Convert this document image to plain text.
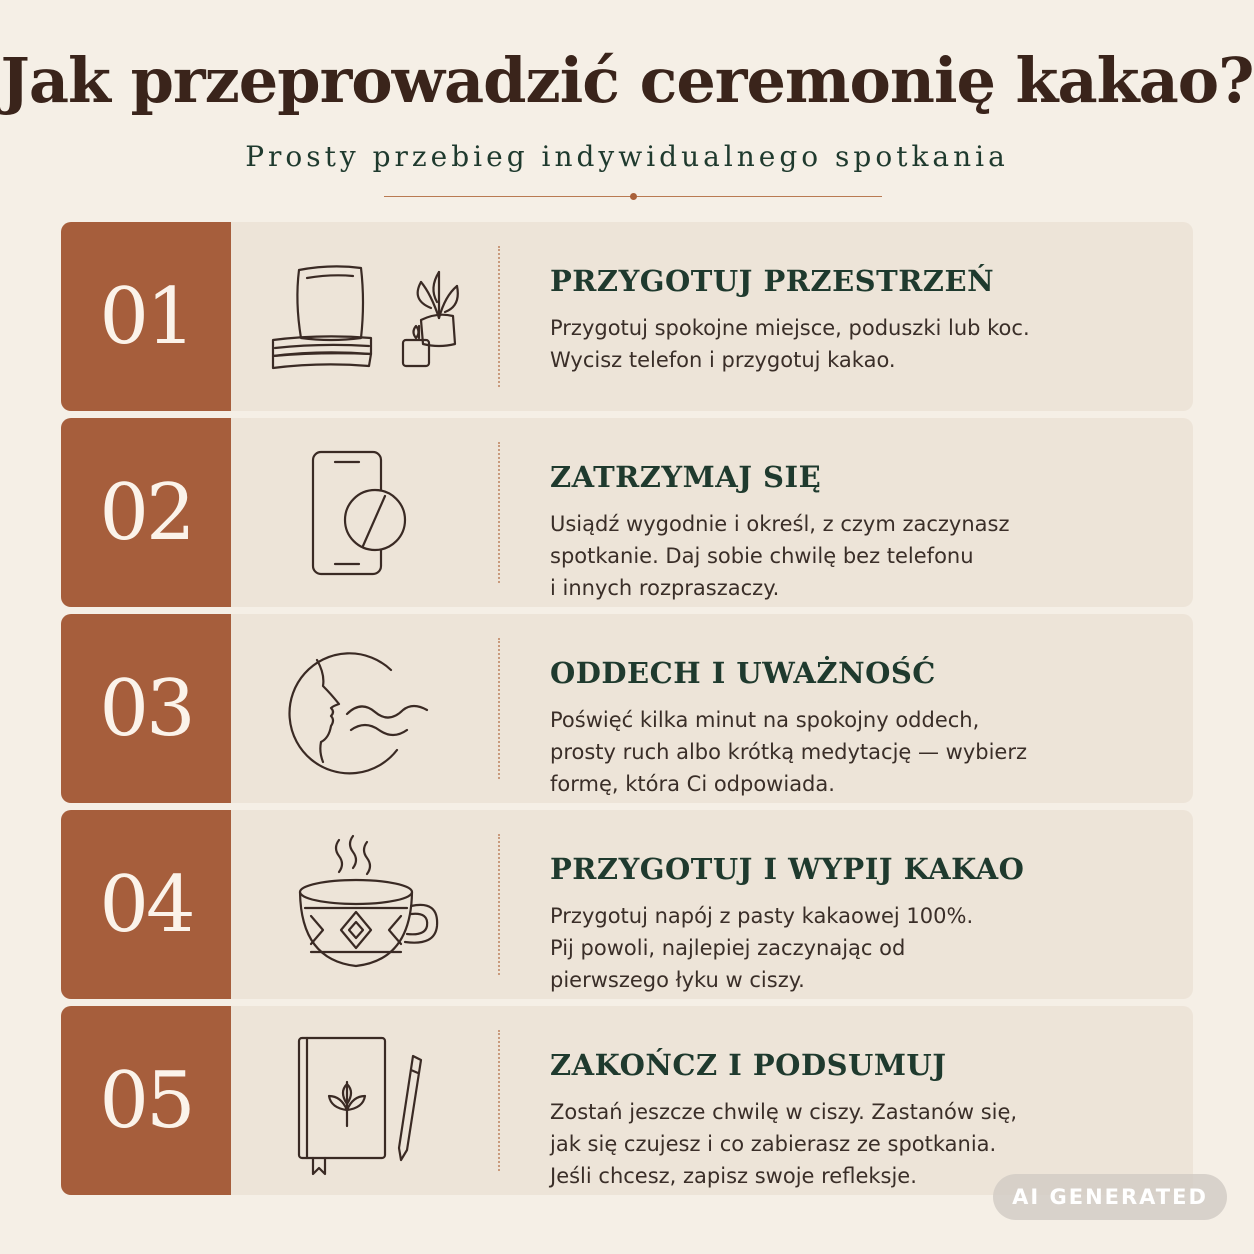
Jak przeprowadzić ceremonię kakao?
Prosty przebieg indywidualnego spotkania
01	PRZYGOTUJ PRZESTRZEŃ
Przygotuj spokojne miejsce, poduszki lub koc.
Wycisz telefon i przygotuj kakao.
02	ZATRZYMAJ SIĘ
Usiądź wygodnie i określ, z czym zaczynasz
spotkanie. Daj sobie chwilę bez telefonu
i innych rozpraszaczy.
03	ODDECH I UWAŻNOŚĆ
Poświęć kilka minut na spokojny oddech,
prosty ruch albo krótką medytację — wybierz
formę, która Ci odpowiada.
04	PRZYGOTUJ I WYPIJ KAKAO
Przygotuj napój z pasty kakaowej 100%.
Pij powoli, najlepiej zaczynając od
pierwszego łyku w ciszy.
05	ZAKOŃCZ I PODSUMUJ
Zostań jeszcze chwilę w ciszy. Zastanów się,
jak się czujesz i co zabierasz ze spotkania.
Jeśli chcesz, zapisz swoje refleksje.
AI GENERATED
